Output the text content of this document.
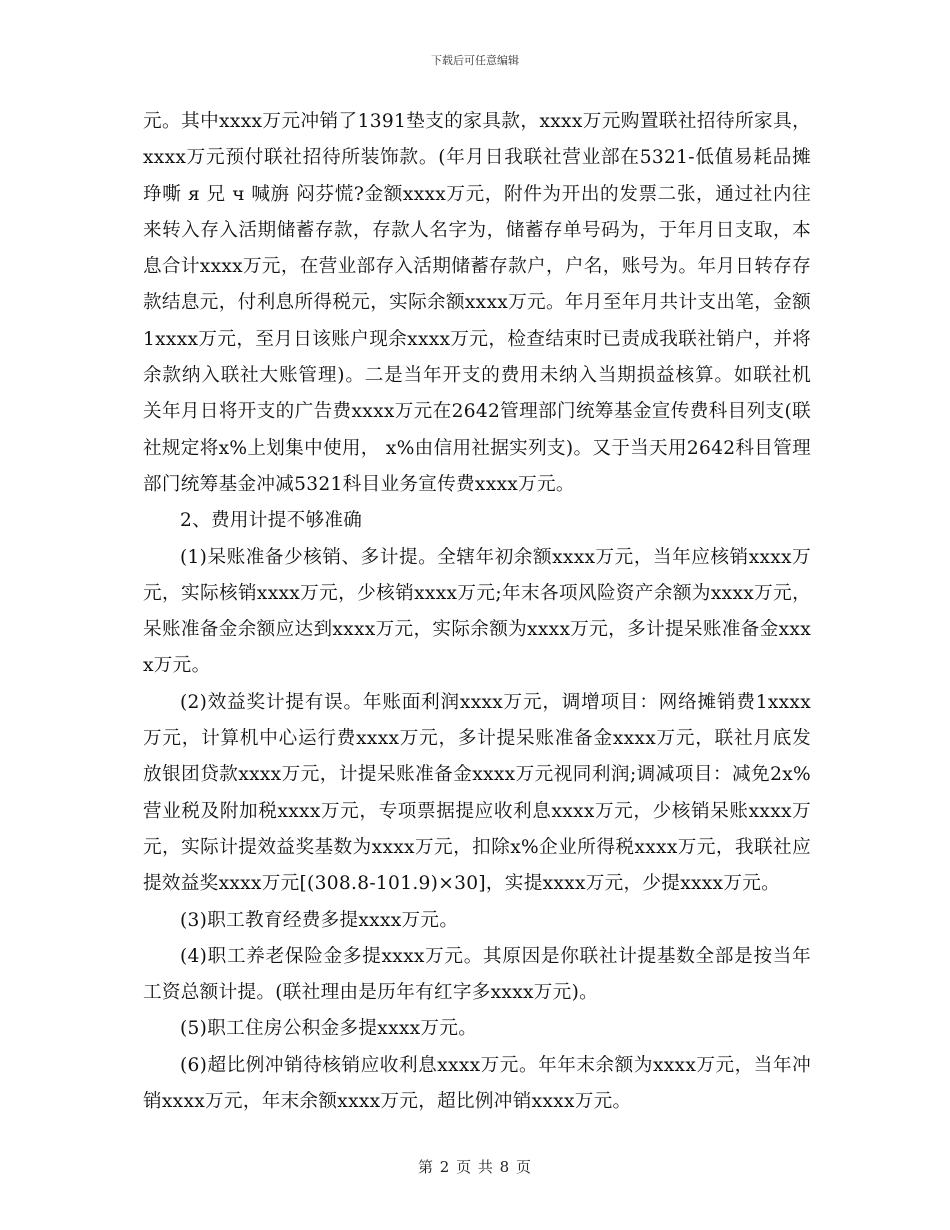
下载后可任意编辑

元。其中xxxx万元冲销了1391垫支的家具款，xxxx万元购置联社招待所家具，xxxx万元预付联社招待所装饰款。(年月日我联社营业部在5321-低值易耗品摊琤嘶 я 兄 ч 喊旃 闷芬慌?金额xxxx万元，附件为开出的发票二张，通过社内往来转入存入活期储蓄存款，存款人名字为，储蓄存单号码为，于年月日支取，本息合计xxxx万元，在营业部存入活期储蓄存款户，户名，账号为。年月日转存存款结息元，付利息所得税元，实际余额xxxx万元。年月至年月共计支出笔，金额1xxxx万元，至月日该账户现余xxxx万元，检查结束时已责成我联社销户，并将余款纳入联社大账管理)。二是当年开支的费用未纳入当期损益核算。如联社机关年月日将开支的广告费xxxx万元在2642管理部门统筹基金宣传费科目列支(联社规定将x%上划集中使用， x%由信用社据实列支)。又于当天用2642科目管理部门统筹基金冲减5321科目业务宣传费xxxx万元。

2、费用计提不够准确

(1)呆账准备少核销、多计提。全辖年初余额xxxx万元，当年应核销xxxx万元，实际核销xxxx万元，少核销xxxx万元;年末各项风险资产余额为xxxx万元，呆账准备金余额应达到xxxx万元，实际余额为xxxx万元，多计提呆账准备金xxxx万元。

(2)效益奖计提有误。年账面利润xxxx万元，调增项目：网络摊销费1xxxx万元，计算机中心运行费xxxx万元，多计提呆账准备金xxxx万元，联社月底发放银团贷款xxxx万元，计提呆账准备金xxxx万元视同利润;调减项目：减免2x%营业税及附加税xxxx万元，专项票据提应收利息xxxx万元，少核销呆账xxxx万元，实际计提效益奖基数为xxxx万元，扣除x%企业所得税xxxx万元，我联社应提效益奖xxxx万元[(308.8-101.9)×30]，实提xxxx万元，少提xxxx万元。

(3)职工教育经费多提xxxx万元。

(4)职工养老保险金多提xxxx万元。其原因是你联社计提基数全部是按当年工资总额计提。(联社理由是历年有红字多xxxx万元)。

(5)职工住房公积金多提xxxx万元。

(6)超比例冲销待核销应收利息xxxx万元。年年末余额为xxxx万元，当年冲销xxxx万元，年末余额xxxx万元，超比例冲销xxxx万元。

第 2 页 共 8 页
